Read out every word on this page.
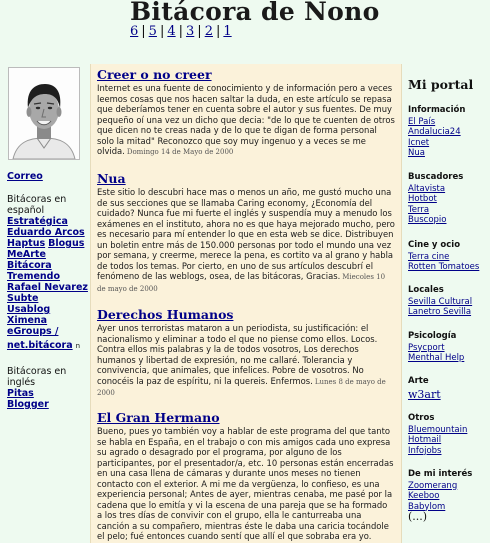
Bitácora de Nono
6 | 5 | 4 | 3 | 2 | 1
Correo
Bitácoras en español
Estratégica
Eduardo Arcos
Haptus Blogus
MeArte
Bitácora
Tremendo
Rafael Nevarez
Subte
Usablog
Ximena
eGroups /
net.bitácora n
Bitácoras en inglés
Pitas
Blogger
Creer o no creer

Internet es una fuente de conocimiento y de información pero a veces leemos cosas que nos hacen saltar la duda, en este artículo se repasa que deberíamos tener en cuenta sobre el autor y sus fuentes. De muy pequeño oí una vez un dicho que decia: "de lo que te cuenten de otros que dicen no te creas nada y de lo que te digan de forma personal solo la mitad" Reconozco que soy muy ingenuo y a veces se me olvida. Domingo 14 de Mayo de 2000

Nua

Este sitio lo descubri hace mas o menos un año, me gustó mucho una de sus secciones que se llamaba Caring economy, ¿Economía del cuidado? Nunca fue mi fuerte el inglés y suspendía muy a menudo los exámenes en el instituto, ahora no es que haya mejorado mucho, pero es necesario para mí entender lo que en esta web se dice. Distribuyen un boletin entre más de 150.000 personas por todo el mundo una vez por semana, y creerme, merece la pena, es cortito va al grano y habla de todos los temas. Por cierto, en uno de sus artículos descubrí el fenómeno de las weblogs, osea, de las bitácoras, Gracias. Miecoles 10 de mayo de 2000

Derechos Humanos

Ayer unos terroristas mataron a un periodista, su justificación: el nacionalismo y eliminar a todo el que no piense como ellos. Locos. Contra ellos mis palabras y la de todos vosotros, Los derechos humanos y libertad de expresión, no me callaré. Tolerancia y convivencia, que animales, que infelices. Pobre de vosotros. No conocéis la paz de espíritu, ni la quereis. Enfermos. Lunes 8 de mayo de 2000

El Gran Hermano

Bueno, pues yo también voy a hablar de este programa del que tanto se habla en España, en el trabajo o con mis amigos cada uno expresa su agrado o desagrado por el programa, por alguno de los participantes, por el presentador/a, etc. 10 personas están encerradas en una casa llena de cámaras y durante unos meses no tienen contacto con el exterior. A mi me da vergüenza, lo confieso, es una experiencia personal; Antes de ayer, mientras cenaba, me pasé por la cadena que lo emitía y vi la escena de una pareja que se ha formado a los tres días de convivir con el grupo, ella le canturreaba una canción a su compañero, mientras éste le daba una caricia tocándole el pelo; fué entonces cuando sentí que allí el que sobraba era yo.

Mi portal
Información
El País
Andalucia24
Icnet
Nua
Buscadores
Altavista
Hotbot
Terra
Buscopio
Cine y ocio
Terra cine
Rotten Tomatoes
Locales
Sevilla Cultural
Lanetro Sevilla
Psicología
Psycport
Menthal Help
Arte
w3art
Otros
Bluemountain
Hotmail
Infojobs
De mi interés
Zoomerang
Keeboo
Babylom
(...)
